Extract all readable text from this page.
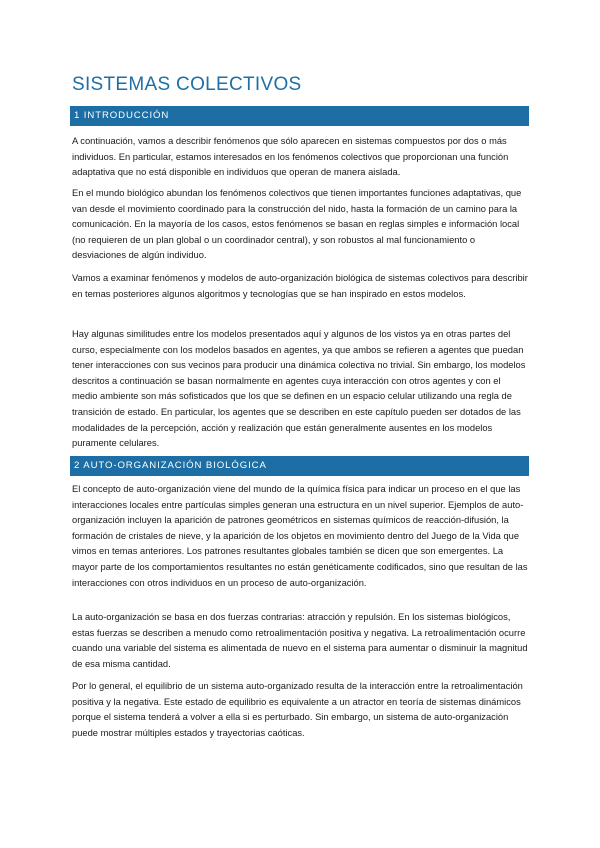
SISTEMAS COLECTIVOS
1 INTRODUCCIÓN

A continuación, vamos a describir fenómenos que sólo aparecen en sistemas compuestos por dos o más individuos. En particular, estamos interesados en los fenómenos colectivos que proporcionan una función adaptativa que no está disponible en individuos que operan de manera aislada.

En el mundo biológico abundan los fenómenos colectivos que tienen importantes funciones adaptativas, que van desde el movimiento coordinado para la construcción del nido, hasta la formación de un camino para la comunicación. En la mayoría de los casos, estos fenómenos se basan en reglas simples e información local (no requieren de un plan global o un coordinador central), y son robustos al mal funcionamiento o desviaciones de algún individuo.

Vamos a examinar fenómenos y modelos de auto-organización biológica de sistemas colectivos para describir en temas posteriores algunos algoritmos y tecnologías que se han inspirado en estos modelos.

Hay algunas similitudes entre los modelos presentados aquí y algunos de los vistos ya en otras partes del curso, especialmente con los modelos basados en agentes, ya que ambos se refieren a agentes que puedan tener interacciones con sus vecinos para producir una dinámica colectiva no trivial. Sin embargo, los modelos descritos a continuación se basan normalmente en agentes cuya interacción con otros agentes y con el medio ambiente son más sofisticados que los que se definen en un espacio celular utilizando una regla de transición de estado. En particular, los agentes que se describen en este capítulo pueden ser dotados de las modalidades de la percepción, acción y realización que están generalmente ausentes en los modelos puramente celulares.

2 AUTO-ORGANIZACIÓN BIOLÓGICA

El concepto de auto-organización viene del mundo de la química física para indicar un proceso en el que las interacciones locales entre partículas simples generan una estructura en un nivel superior. Ejemplos de auto-organización incluyen la aparición de patrones geométricos en sistemas químicos de reacción-difusión, la formación de cristales de nieve, y la aparición de los objetos en movimiento dentro del Juego de la Vida que vimos en temas anteriores. Los patrones resultantes globales también se dicen que son emergentes. La mayor parte de los comportamientos resultantes no están genéticamente codificados, sino que resultan de las interacciones con otros individuos en un proceso de auto-organización.

La auto-organización se basa en dos fuerzas contrarias: atracción y repulsión. En los sistemas biológicos, estas fuerzas se describen a menudo como retroalimentación positiva y negativa. La retroalimentación ocurre cuando una variable del sistema es alimentada de nuevo en el sistema para aumentar o disminuir la magnitud de esa misma cantidad.

Por lo general, el equilibrio de un sistema auto-organizado resulta de la interacción entre la retroalimentación positiva y la negativa. Este estado de equilibrio es equivalente a un atractor en teoría de sistemas dinámicos porque el sistema tenderá a volver a ella si es perturbado. Sin embargo, un sistema de auto-organización puede mostrar múltiples estados y trayectorias caóticas.
